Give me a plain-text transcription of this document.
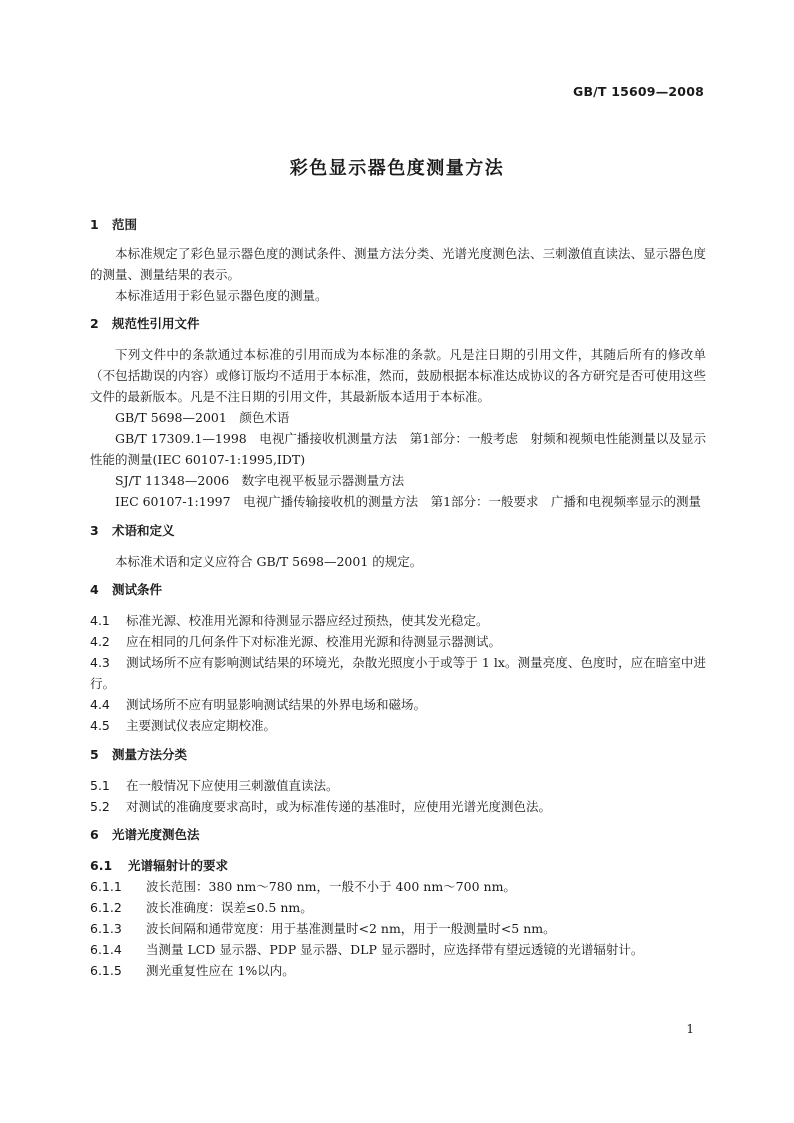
GB/T 15609—2008
彩色显示器色度测量方法
1 范围

本标准规定了彩色显示器色度的测试条件、测量方法分类、光谱光度测色法、三刺激值直读法、显示器色度的测量、测量结果的表示。

本标准适用于彩色显示器色度的测量。

2 规范性引用文件

下列文件中的条款通过本标准的引用而成为本标准的条款。凡是注日期的引用文件，其随后所有的修改单（不包括勘误的内容）或修订版均不适用于本标准，然而，鼓励根据本标准达成协议的各方研究是否可使用这些文件的最新版本。凡是不注日期的引用文件，其最新版本适用于本标准。

GB/T 5698—2001　颜色术语

GB/T 17309.1—1998　电视广播接收机测量方法　第1部分：一般考虑　射频和视频电性能测量以及显示性能的测量(IEC 60107-1:1995,IDT)

SJ/T 11348—2006　数字电视平板显示器测量方法

IEC 60107-1:1997　电视广播传输接收机的测量方法　第1部分：一般要求　广播和电视频率显示的测量

3 术语和定义

本标准术语和定义应符合 GB/T 5698—2001 的规定。

4 测试条件

4.1 标准光源、校准用光源和待测显示器应经过预热，使其发光稳定。

4.2 应在相同的几何条件下对标准光源、校准用光源和待测显示器测试。

4.3 测试场所不应有影响测试结果的环境光，杂散光照度小于或等于 1 lx。测量亮度、色度时，应在暗室中进行。

4.4 测试场所不应有明显影响测试结果的外界电场和磁场。

4.5 主要测试仪表应定期校准。

5 测量方法分类

5.1 在一般情况下应使用三刺激值直读法。

5.2 对测试的准确度要求高时，或为标准传递的基准时，应使用光谱光度测色法。

6 光谱光度测色法
6.1 光谱辐射计的要求

6.1.1 波长范围：380 nm～780 nm，一般不小于 400 nm～700 nm。

6.1.2 波长准确度：误差≤0.5 nm。

6.1.3 波长间隔和通带宽度：用于基准测量时<2 nm，用于一般测量时<5 nm。

6.1.4 当测量 LCD 显示器、PDP 显示器、DLP 显示器时，应选择带有望远透镜的光谱辐射计。

6.1.5 测光重复性应在 1%以内。

1
